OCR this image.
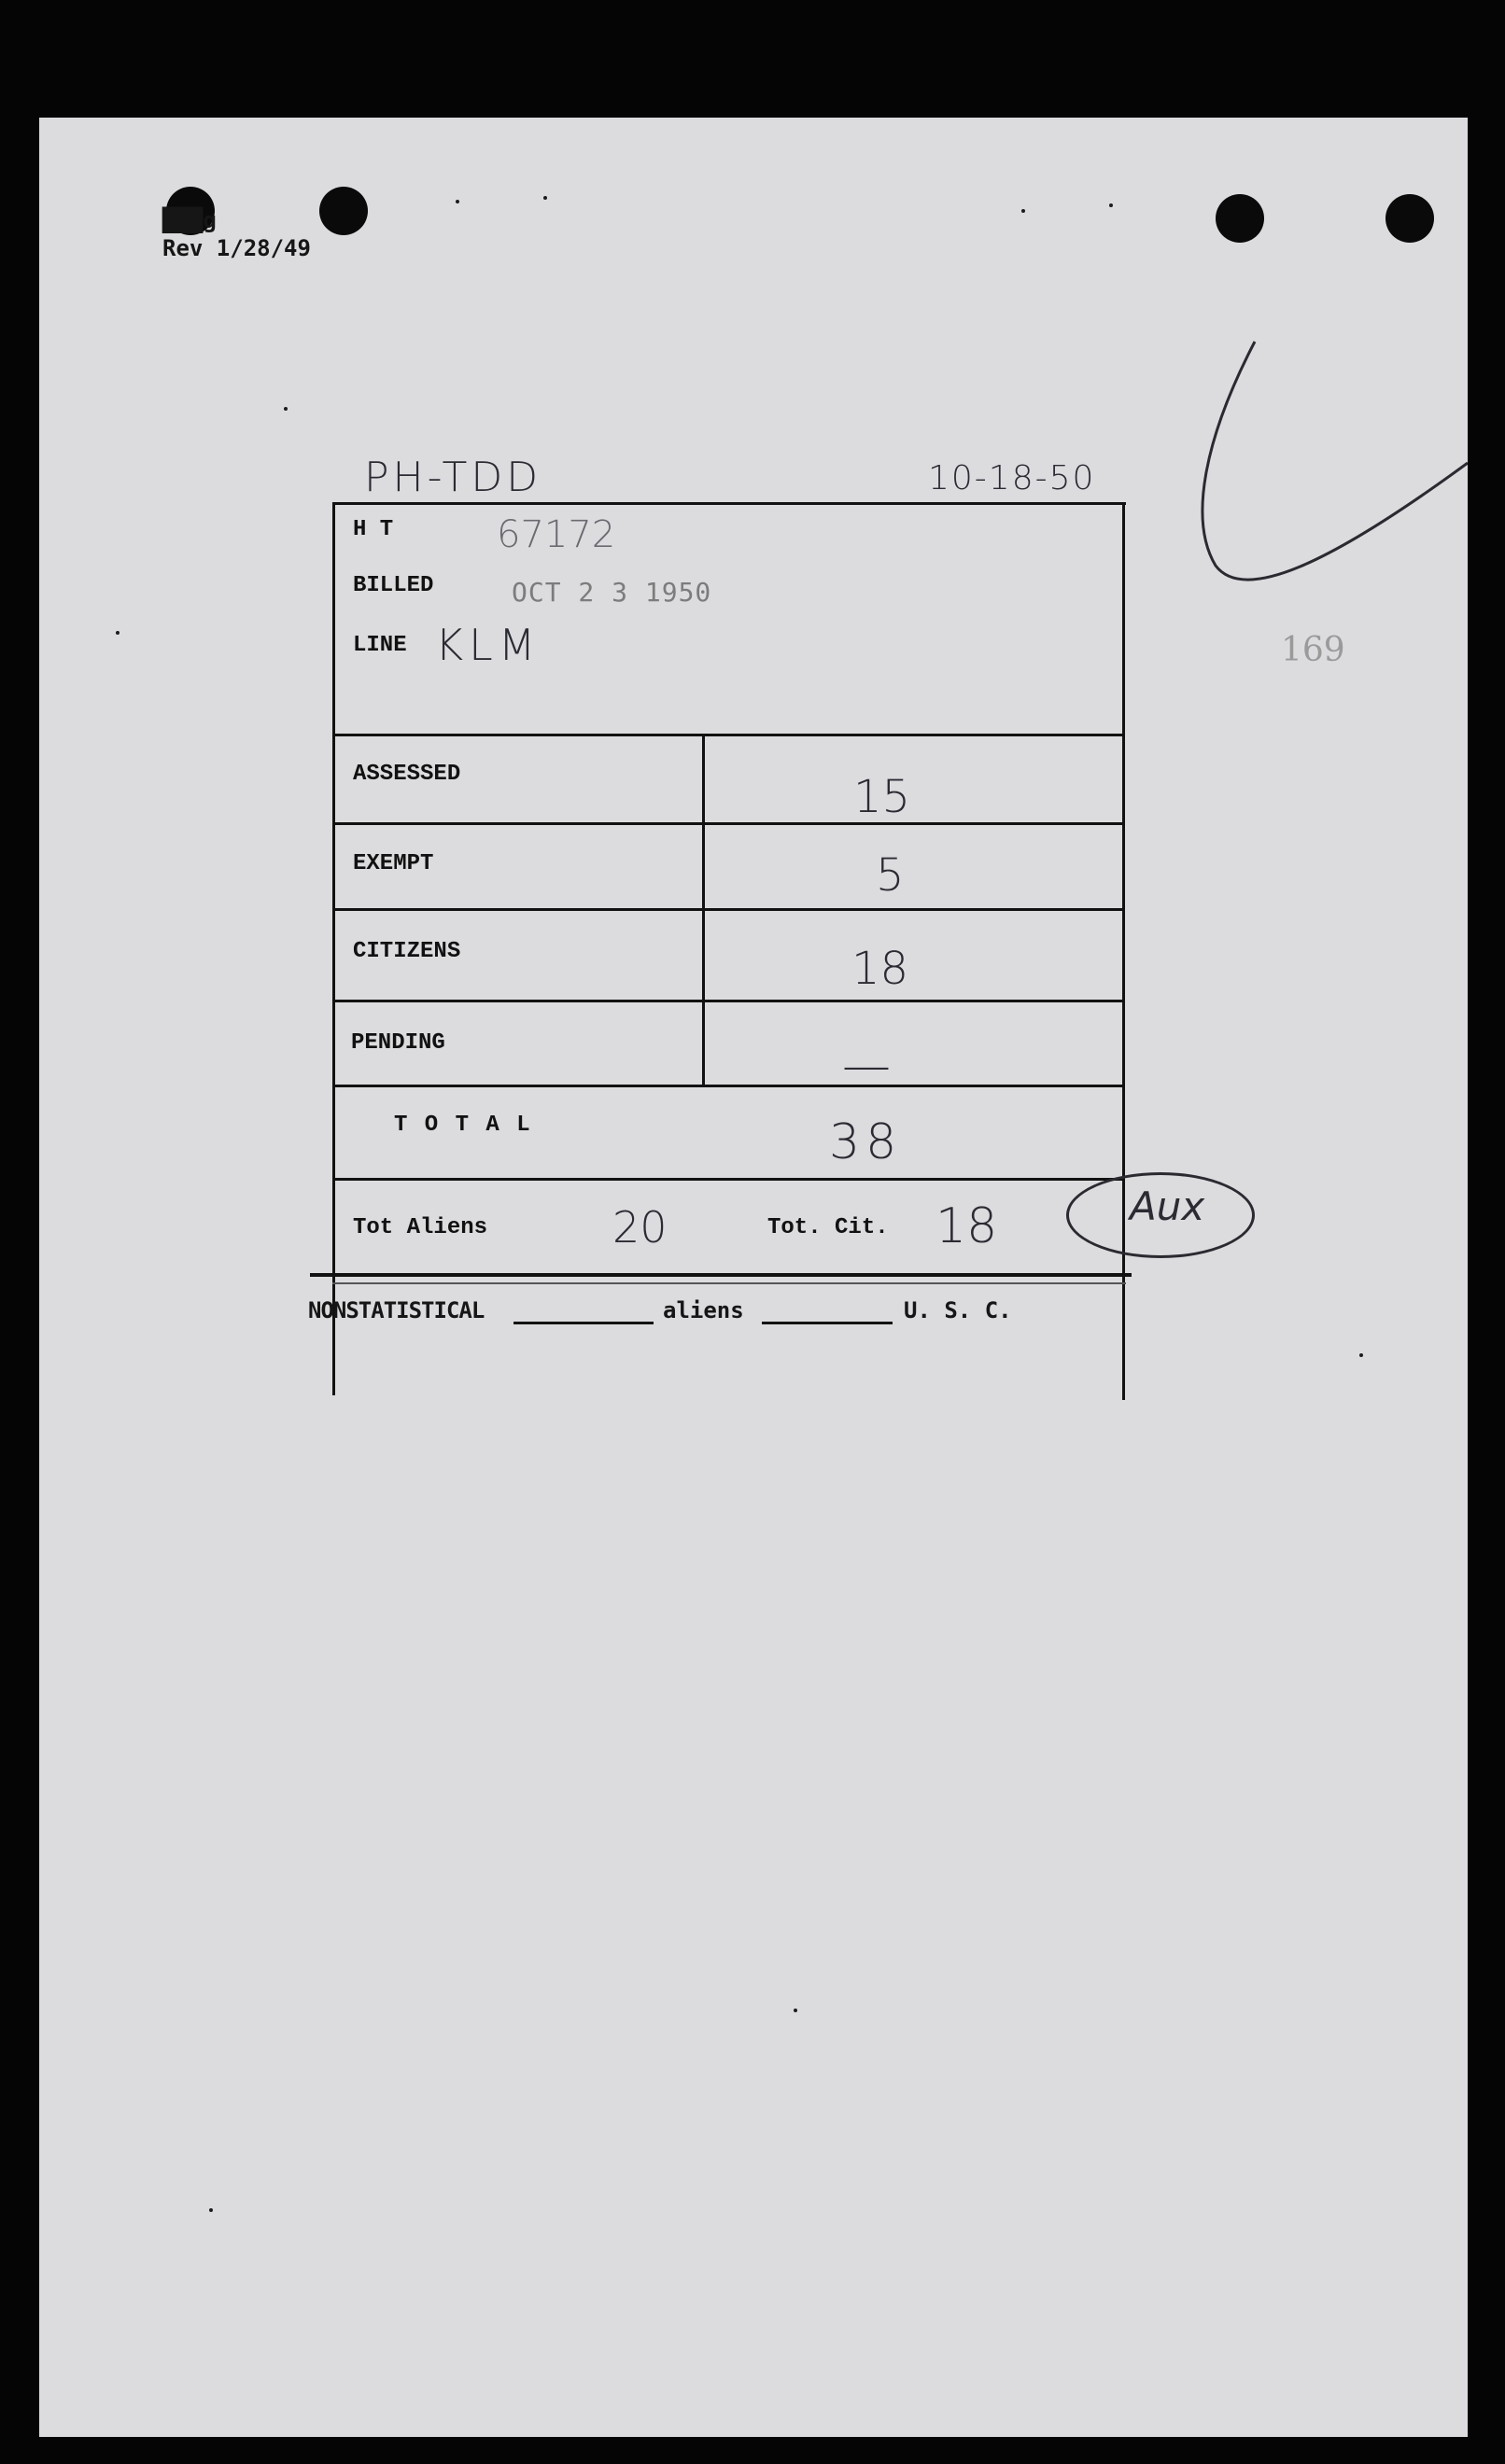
███g
Rev 1/28/49
PH-TDD	10-18-50
169
H T	67172
BILLED	OCT 2 3 1950
LINE KLM
ASSESSED	15
EXEMPT	5
CITIZENS	18
PENDING	—
T O T A L	38
Tot Aliens	20	Tot. Cit. 18	Aux
NONSTATISTICAL	aliens	U. S. C.
